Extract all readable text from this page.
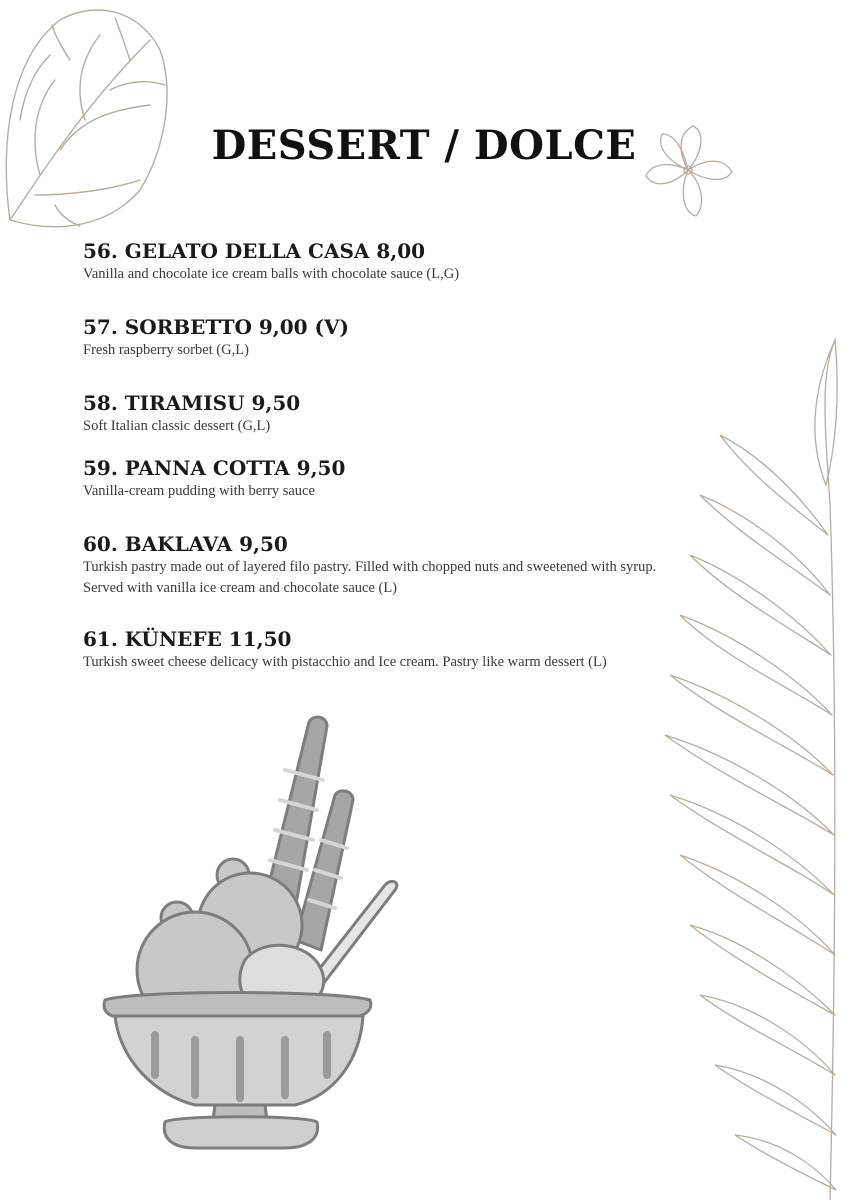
DESSERT / DOLCE

56. GELATO DELLA CASA 8,00

Vanilla and chocolate ice cream balls with chocolate sauce (L,G)

57. SORBETTO 9,00 (V)

Fresh raspberry sorbet (G,L)

58. TIRAMISU 9,50

Soft Italian classic dessert (G,L)

59. PANNA COTTA 9,50

Vanilla-cream pudding with berry sauce

60. BAKLAVA 9,50

Turkish pastry made out of layered filo pastry. Filled with chopped nuts and sweetened with syrup.

Served with vanilla ice cream and chocolate sauce (L)

61. KÜNEFE 11,50

Turkish sweet cheese delicacy with pistacchio and Ice cream. Pastry like warm dessert (L)
